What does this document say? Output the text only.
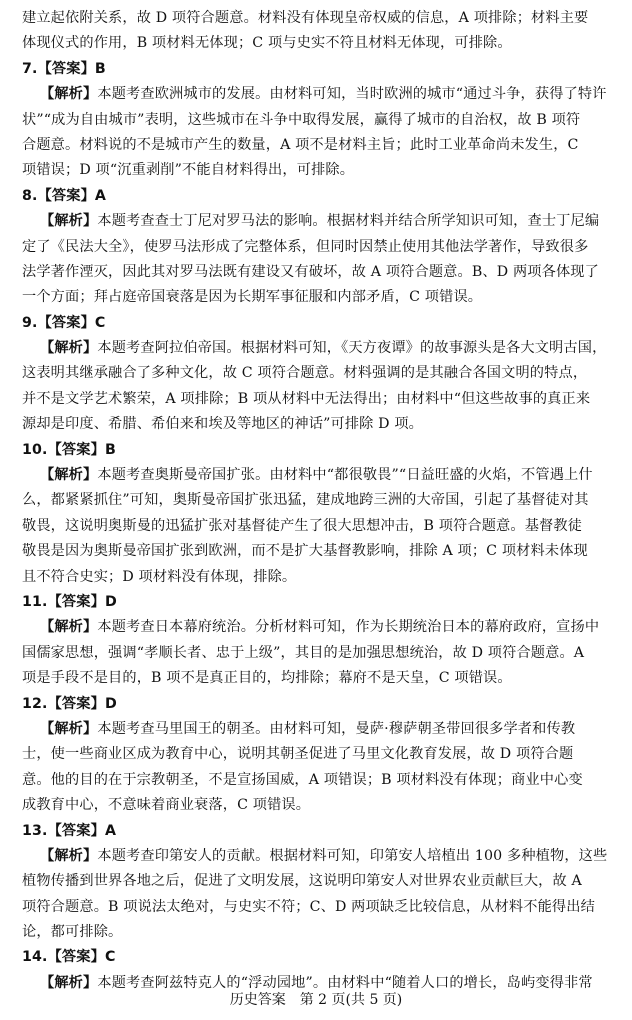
建立起依附关系，故 D 项符合题意。材料没有体现皇帝权威的信息，A 项排除；材料主要
体现仪式的作用，B 项材料无体现；C 项与史实不符且材料无体现，可排除。
7.【答案】B
【解析】本题考查欧洲城市的发展。由材料可知，当时欧洲的城市“通过斗争，获得了特许
状”“成为自由城市”表明，这些城市在斗争中取得发展，赢得了城市的自治权，故 B 项符
合题意。材料说的不是城市产生的数量，A 项不是材料主旨；此时工业革命尚未发生，C
项错误；D 项“沉重剥削”不能自材料得出，可排除。
8.【答案】A
【解析】本题考查查士丁尼对罗马法的影响。根据材料并结合所学知识可知，查士丁尼编
定了《民法大全》，使罗马法形成了完整体系，但同时因禁止使用其他法学著作，导致很多
法学著作湮灭，因此其对罗马法既有建设又有破坏，故 A 项符合题意。B、D 两项各体现了
一个方面；拜占庭帝国衰落是因为长期军事征服和内部矛盾，C 项错误。
9.【答案】C
【解析】本题考查阿拉伯帝国。根据材料可知，《天方夜谭》的故事源头是各大文明古国，
这表明其继承融合了多种文化，故 C 项符合题意。材料强调的是其融合各国文明的特点，
并不是文学艺术繁荣，A 项排除；B 项从材料中无法得出；由材料中“但这些故事的真正来
源却是印度、希腊、希伯来和埃及等地区的神话”可排除 D 项。
10.【答案】B
【解析】本题考查奥斯曼帝国扩张。由材料中“都很敬畏”“日益旺盛的火焰，不管遇上什
么，都紧紧抓住”可知，奥斯曼帝国扩张迅猛，建成地跨三洲的大帝国，引起了基督徒对其
敬畏，这说明奥斯曼的迅猛扩张对基督徒产生了很大思想冲击，B 项符合题意。基督教徒
敬畏是因为奥斯曼帝国扩张到欧洲，而不是扩大基督教影响，排除 A 项；C 项材料未体现
且不符合史实；D 项材料没有体现，排除。
11.【答案】D
【解析】本题考查日本幕府统治。分析材料可知，作为长期统治日本的幕府政府，宣扬中
国儒家思想，强调“孝顺长者、忠于上级”，其目的是加强思想统治，故 D 项符合题意。A
项是手段不是目的，B 项不是真正目的，均排除；幕府不是天皇，C 项错误。
12.【答案】D
【解析】本题考查马里国王的朝圣。由材料可知，曼萨·穆萨朝圣带回很多学者和传教
士，使一些商业区成为教育中心，说明其朝圣促进了马里文化教育发展，故 D 项符合题
意。他的目的在于宗教朝圣，不是宣扬国威，A 项错误；B 项材料没有体现；商业中心变
成教育中心，不意味着商业衰落，C 项错误。
13.【答案】A
【解析】本题考查印第安人的贡献。根据材料可知，印第安人培植出 100 多种植物，这些
植物传播到世界各地之后，促进了文明发展，这说明印第安人对世界农业贡献巨大，故 A
项符合题意。B 项说法太绝对，与史实不符；C、D 两项缺乏比较信息，从材料不能得出结
论，都可排除。
14.【答案】C
【解析】本题考查阿兹特克人的“浮动园地”。由材料中“随着人口的增长，岛屿变得非常
历史答案　第 2 页(共 5 页)
